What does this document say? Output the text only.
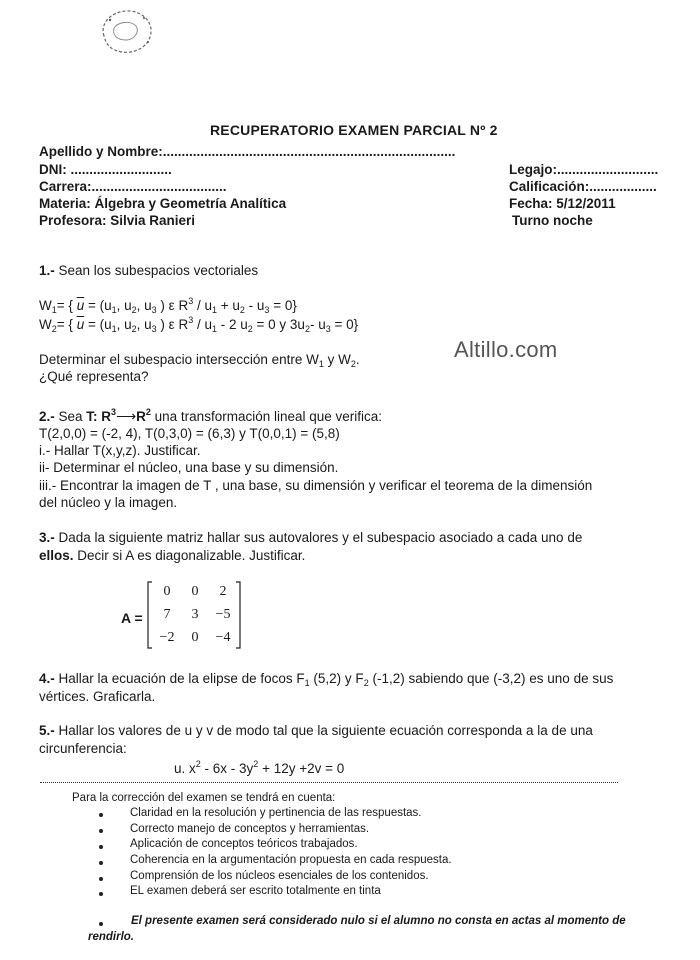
RECUPERATORIO EXAMEN PARCIAL Nº 2
Apellido y Nombre:..............................................................................
DNI: ...........................
Carrera:....................................
Materia: Álgebra y Geometría Analítica
Profesora: Silvia Ranieri
Legajo:...........................
Calificación:..................
Fecha: 5/12/2011
Turno noche
1.- Sean los subespacios vectoriales
$W_1=$ { $\overline{u} = (u_1$, $u_2$, $u_3$ ) ε $R^3 / u_1 + u_2 - u_3 = 0$}
$W_2=$ { $\overline{u} = (u_1$, $u_2$, $u_3$ ) ε $R^3 / u_1 - 2$ $u_2 = 0$ y $3u_2-$ $u_3 = 0$}
Altillo.com
Determinar el subespacio intersección entre $W_1$ y $W_2$.
¿Qué representa?
2.- Sea T: $R^3⟶R^2$ una transformación lineal que verifica:
T(2,0,0) = (-2, 4), T(0,3,0) = (6,3) y T(0,0,1) = (5,8)
i.- Hallar T(x,y,z). Justificar.
ii- Determinar el núcleo, una base y su dimensión.
iii.- Encontrar la imagen de T , una base, su dimensión y verificar el teorema de la dimensión
del núcleo y la imagen.
3.- Dada la siguiente matriz hallar sus autovalores y el subespacio asociado a cada uno de
ellos. Decir si A es diagonalizable. Justificar.
A =
0	0	2
7	3	−5
−2	0	−4
4.- Hallar la ecuación de la elipse de focos $F_1$ (5,2) y $F_2$ (-1,2) sabiendo que (-3,2) es uno de sus
vértices. Graficarla.
5.- Hallar los valores de u y v de modo tal que la siguiente ecuación corresponda a la de una
circunferencia:
u. $x^2 - 6x - 3y^2 + 12y +2v = 0$
Para la corrección del examen se tendrá en cuenta:
Claridad en la resolución y pertinencia de las respuestas.
Correcto manejo de conceptos y herramientas.
Aplicación de conceptos teóricos trabajados.
Coherencia en la argumentación propuesta en cada respuesta.
Comprensión de los núcleos esenciales de los contenidos.
EL examen deberá ser escrito totalmente en tinta
El presente examen será considerado nulo si el alumno no consta en actas al momento de
rendirlo.
